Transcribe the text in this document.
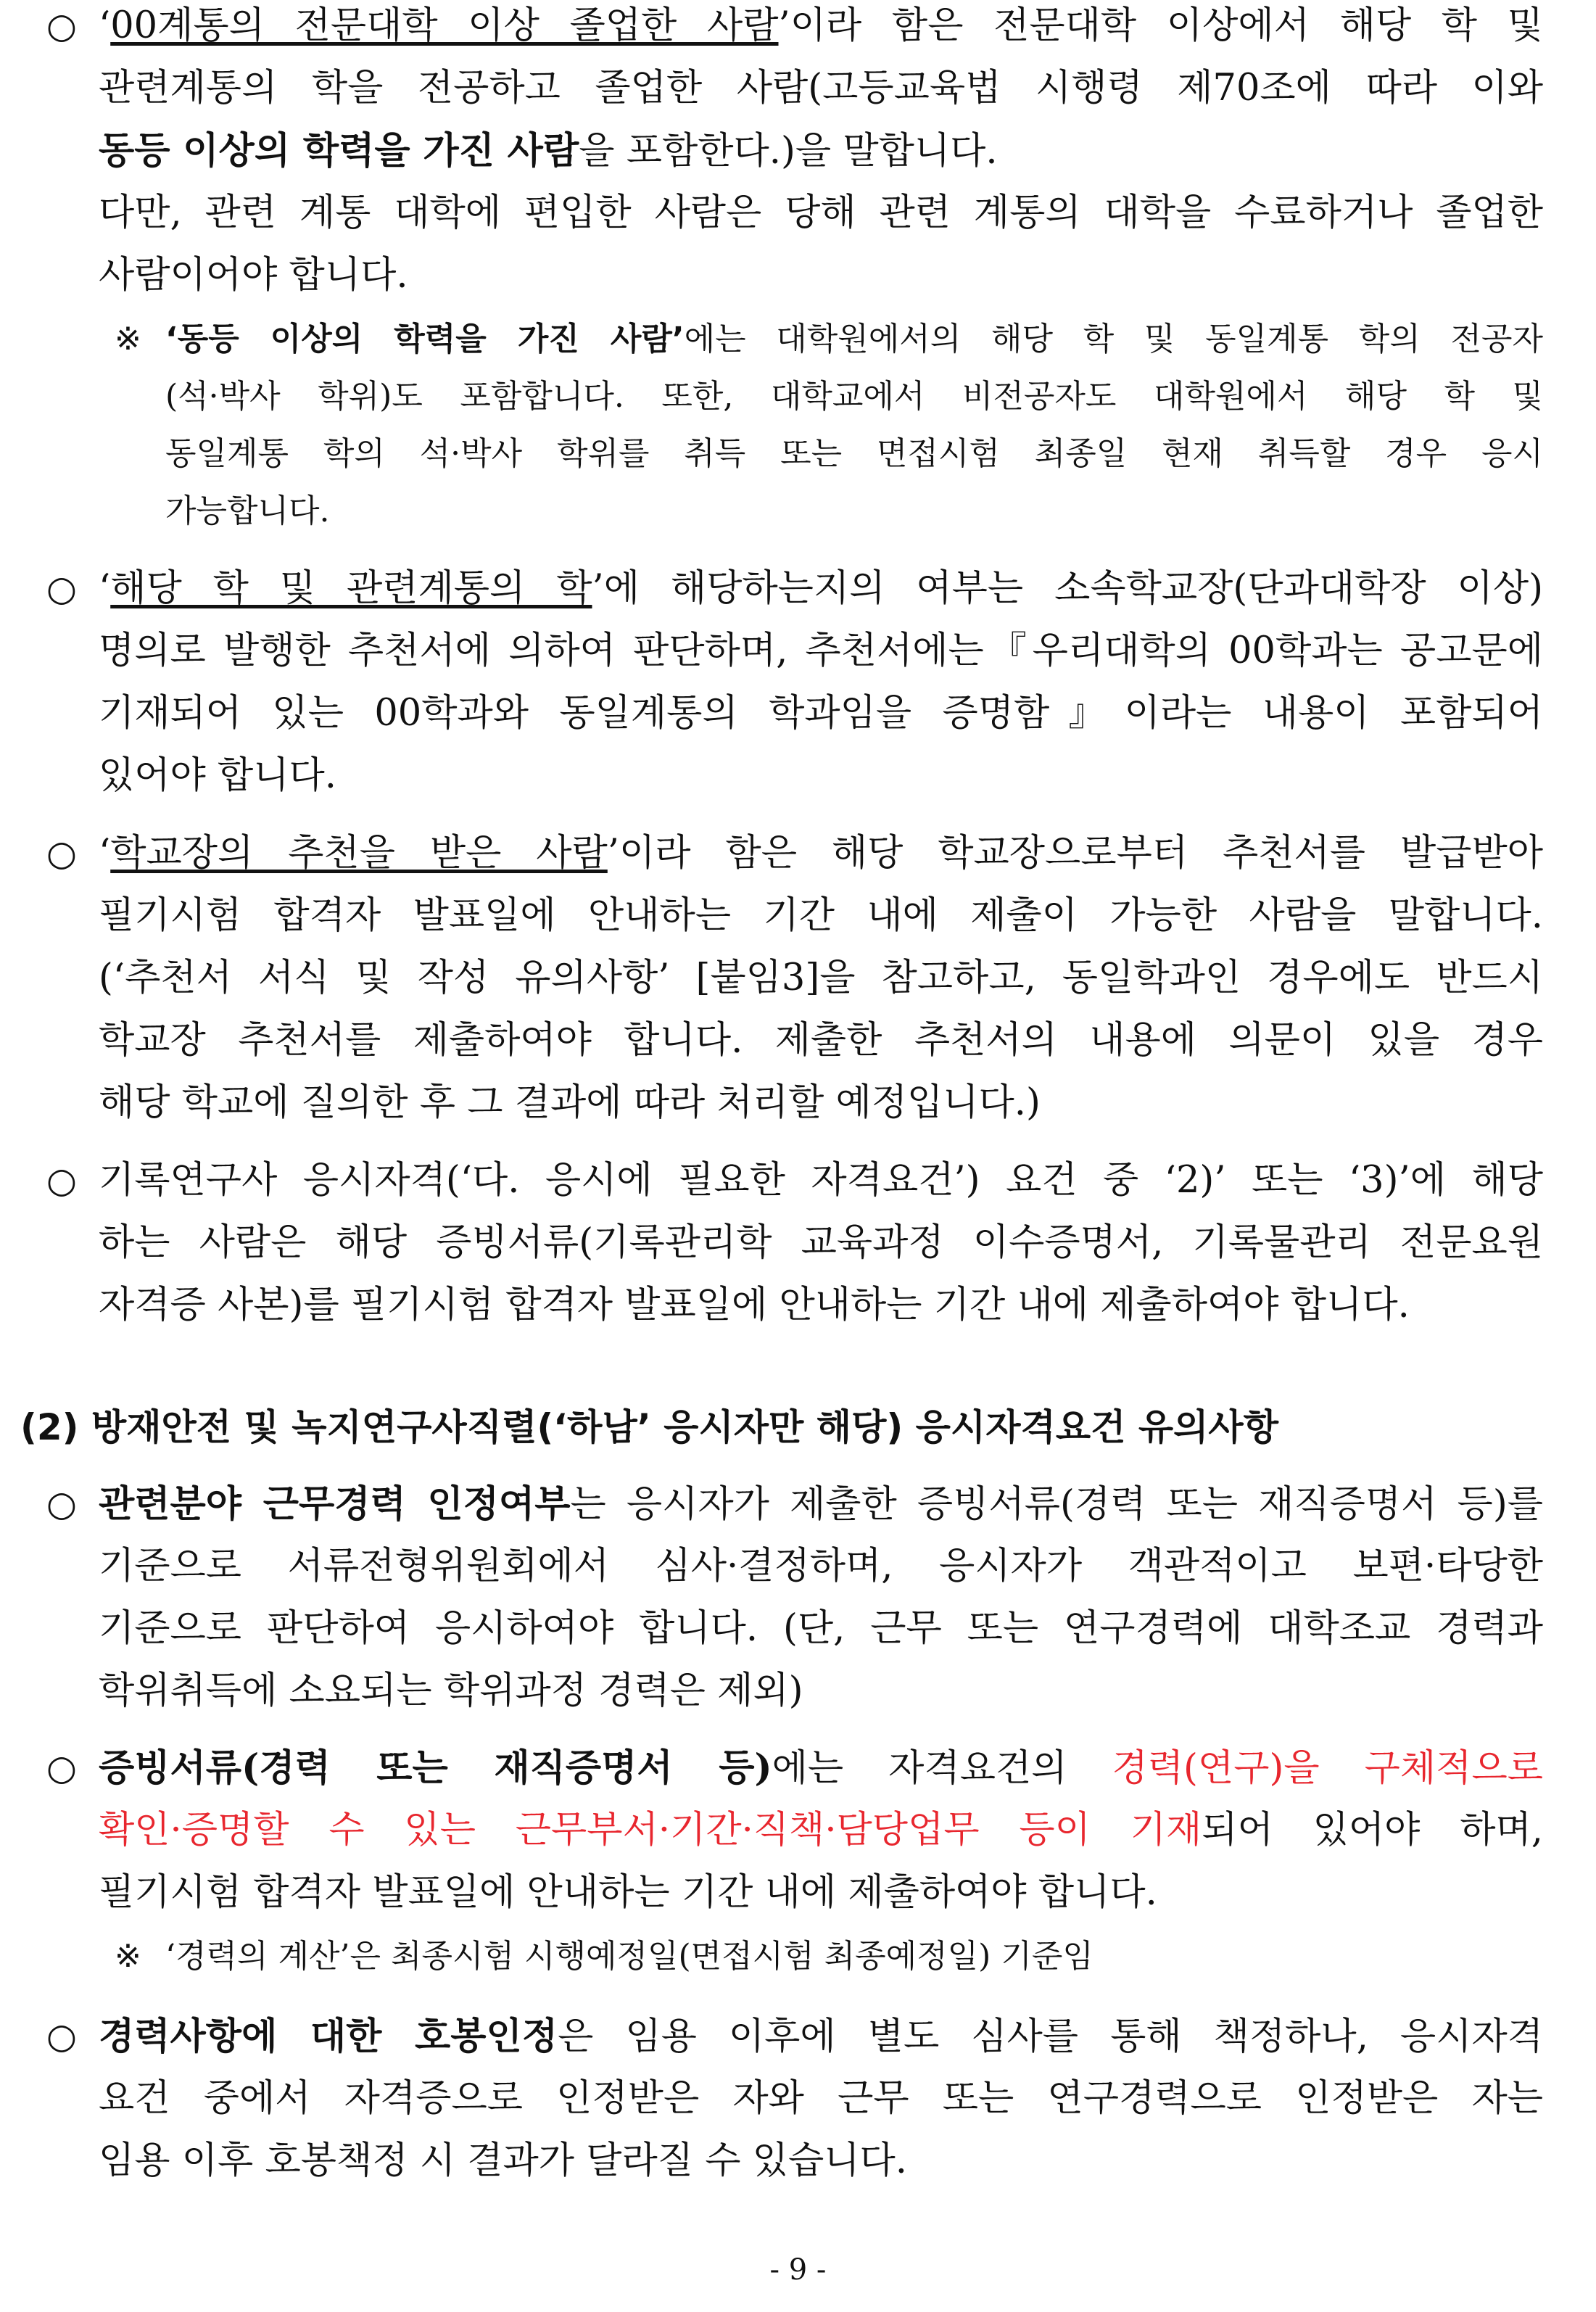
○ ‘00계통의 전문대학 이상 졸업한 사람’이라 함은 전문대학 이상에서 해당 학 및
관련계통의 학을 전공하고 졸업한 사람(고등교육법 시행령 제70조에 따라 이와
동등 이상의 학력을 가진 사람을 포함한다.)을 말합니다.
다만, 관련 계통 대학에 편입한 사람은 당해 관련 계통의 대학을 수료하거나 졸업한
사람이어야 합니다.
※ ‘동등 이상의 학력을 가진 사람’에는 대학원에서의 해당 학 및 동일계통 학의 전공자
(석·박사 학위)도 포함합니다. 또한, 대학교에서 비전공자도 대학원에서 해당 학 및
동일계통 학의 석·박사 학위를 취득 또는 면접시험 최종일 현재 취득할 경우 응시
가능합니다.
○ ‘해당 학 및 관련계통의 학’에 해당하는지의 여부는 소속학교장(단과대학장 이상)
명의로 발행한 추천서에 의하여 판단하며, 추천서에는『우리대학의 00학과는 공고문에
기재되어 있는 00학과와 동일계통의 학과임을 증명함』이라는 내용이 포함되어
있어야 합니다.
○ ‘학교장의 추천을 받은 사람’이라 함은 해당 학교장으로부터 추천서를 발급받아
필기시험 합격자 발표일에 안내하는 기간 내에 제출이 가능한 사람을 말합니다.
(‘추천서 서식 및 작성 유의사항’ [붙임3]을 참고하고, 동일학과인 경우에도 반드시
학교장 추천서를 제출하여야 합니다. 제출한 추천서의 내용에 의문이 있을 경우
해당 학교에 질의한 후 그 결과에 따라 처리할 예정입니다.)
○ 기록연구사 응시자격(‘다. 응시에 필요한 자격요건’) 요건 중 ‘2)’ 또는 ‘3)’에 해당
하는 사람은 해당 증빙서류(기록관리학 교육과정 이수증명서, 기록물관리 전문요원
자격증 사본)를 필기시험 합격자 발표일에 안내하는 기간 내에 제출하여야 합니다.
(2) 방재안전 및 녹지연구사직렬(‘하남’ 응시자만 해당) 응시자격요건 유의사항
○ 관련분야 근무경력 인정여부는 응시자가 제출한 증빙서류(경력 또는 재직증명서 등)를
기준으로 서류전형위원회에서 심사·결정하며, 응시자가 객관적이고 보편·타당한
기준으로 판단하여 응시하여야 합니다. (단, 근무 또는 연구경력에 대학조교 경력과
학위취득에 소요되는 학위과정 경력은 제외)
○ 증빙서류(경력 또는 재직증명서 등)에는 자격요건의 경력(연구)을 구체적으로
확인·증명할 수 있는 근무부서·기간·직책·담당업무 등이 기재되어 있어야 하며,
필기시험 합격자 발표일에 안내하는 기간 내에 제출하여야 합니다.
※ ‘경력의 계산’은 최종시험 시행예정일(면접시험 최종예정일) 기준임
○ 경력사항에 대한 호봉인정은 임용 이후에 별도 심사를 통해 책정하나, 응시자격
요건 중에서 자격증으로 인정받은 자와 근무 또는 연구경력으로 인정받은 자는
임용 이후 호봉책정 시 결과가 달라질 수 있습니다.
- 9 -
